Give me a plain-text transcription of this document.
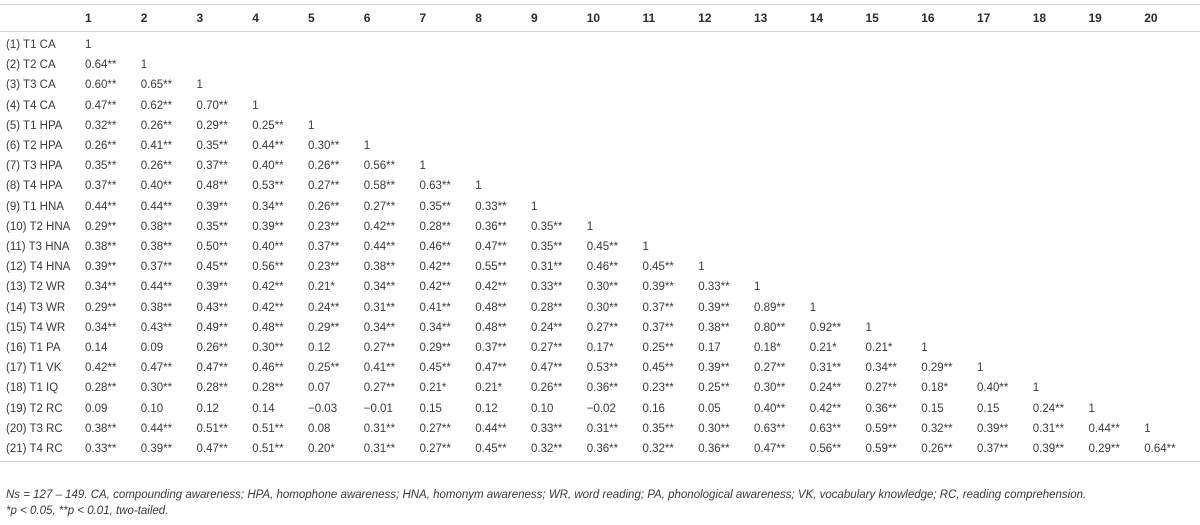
	1	2	3	4	5	6	7	8	9	10	11	12	13	14	15	16	17	18	19	20
(1) T1 CA	1																			
(2) T2 CA	0.64**	1																		
(3) T3 CA	0.60**	0.65**	1																	
(4) T4 CA	0.47**	0.62**	0.70**	1																
(5) T1 HPA	0.32**	0.26**	0.29**	0.25**	1															
(6) T2 HPA	0.26**	0.41**	0.35**	0.44**	0.30**	1														
(7) T3 HPA	0.35**	0.26**	0.37**	0.40**	0.26**	0.56**	1													
(8) T4 HPA	0.37**	0.40**	0.48**	0.53**	0.27**	0.58**	0.63**	1												
(9) T1 HNA	0.44**	0.44**	0.39**	0.34**	0.26**	0.27**	0.35**	0.33**	1											
(10) T2 HNA	0.29**	0.38**	0.35**	0.39**	0.23**	0.42**	0.28**	0.36**	0.35**	1										
(11) T3 HNA	0.38**	0.38**	0.50**	0.40**	0.37**	0.44**	0.46**	0.47**	0.35**	0.45**	1									
(12) T4 HNA	0.39**	0.37**	0.45**	0.56**	0.23**	0.38**	0.42**	0.55**	0.31**	0.46**	0.45**	1								
(13) T2 WR	0.34**	0.44**	0.39**	0.42**	0.21*	0.34**	0.42**	0.42**	0.33**	0.30**	0.39**	0.33**	1							
(14) T3 WR	0.29**	0.38**	0.43**	0.42**	0.24**	0.31**	0.41**	0.48**	0.28**	0.30**	0.37**	0.39**	0.89**	1						
(15) T4 WR	0.34**	0.43**	0.49**	0.48**	0.29**	0.34**	0.34**	0.48**	0.24**	0.27**	0.37**	0.38**	0.80**	0.92**	1					
(16) T1 PA	0.14	0.09	0.26**	0.30**	0.12	0.27**	0.29**	0.37**	0.27**	0.17*	0.25**	0.17	0.18*	0.21*	0.21*	1				
(17) T1 VK	0.42**	0.47**	0.47**	0.46**	0.25**	0.41**	0.45**	0.47**	0.47**	0.53**	0.45**	0.39**	0.27**	0.31**	0.34**	0.29**	1			
(18) T1 IQ	0.28**	0.30**	0.28**	0.28**	0.07	0.27**	0.21*	0.21*	0.26**	0.36**	0.23**	0.25**	0.30**	0.24**	0.27**	0.18*	0.40**	1		
(19) T2 RC	0.09	0.10	0.12	0.14	−0.03	−0.01	0.15	0.12	0.10	−0.02	0.16	0.05	0.40**	0.42**	0.36**	0.15	0.15	0.24**	1	
(20) T3 RC	0.38**	0.44**	0.51**	0.51**	0.08	0.31**	0.27**	0.44**	0.33**	0.31**	0.35**	0.30**	0.63**	0.63**	0.59**	0.32**	0.39**	0.31**	0.44**	1
(21) T4 RC	0.33**	0.39**	0.47**	0.51**	0.20*	0.31**	0.27**	0.45**	0.32**	0.36**	0.32**	0.36**	0.47**	0.56**	0.59**	0.26**	0.37**	0.39**	0.29**	0.64**

Ns = 127 – 149. CA, compounding awareness; HPA, homophone awareness; HNA, homonym awareness; WR, word reading; PA, phonological awareness; VK, vocabulary knowledge; RC, reading comprehension.

*p < 0.05, **p < 0.01, two-tailed.
